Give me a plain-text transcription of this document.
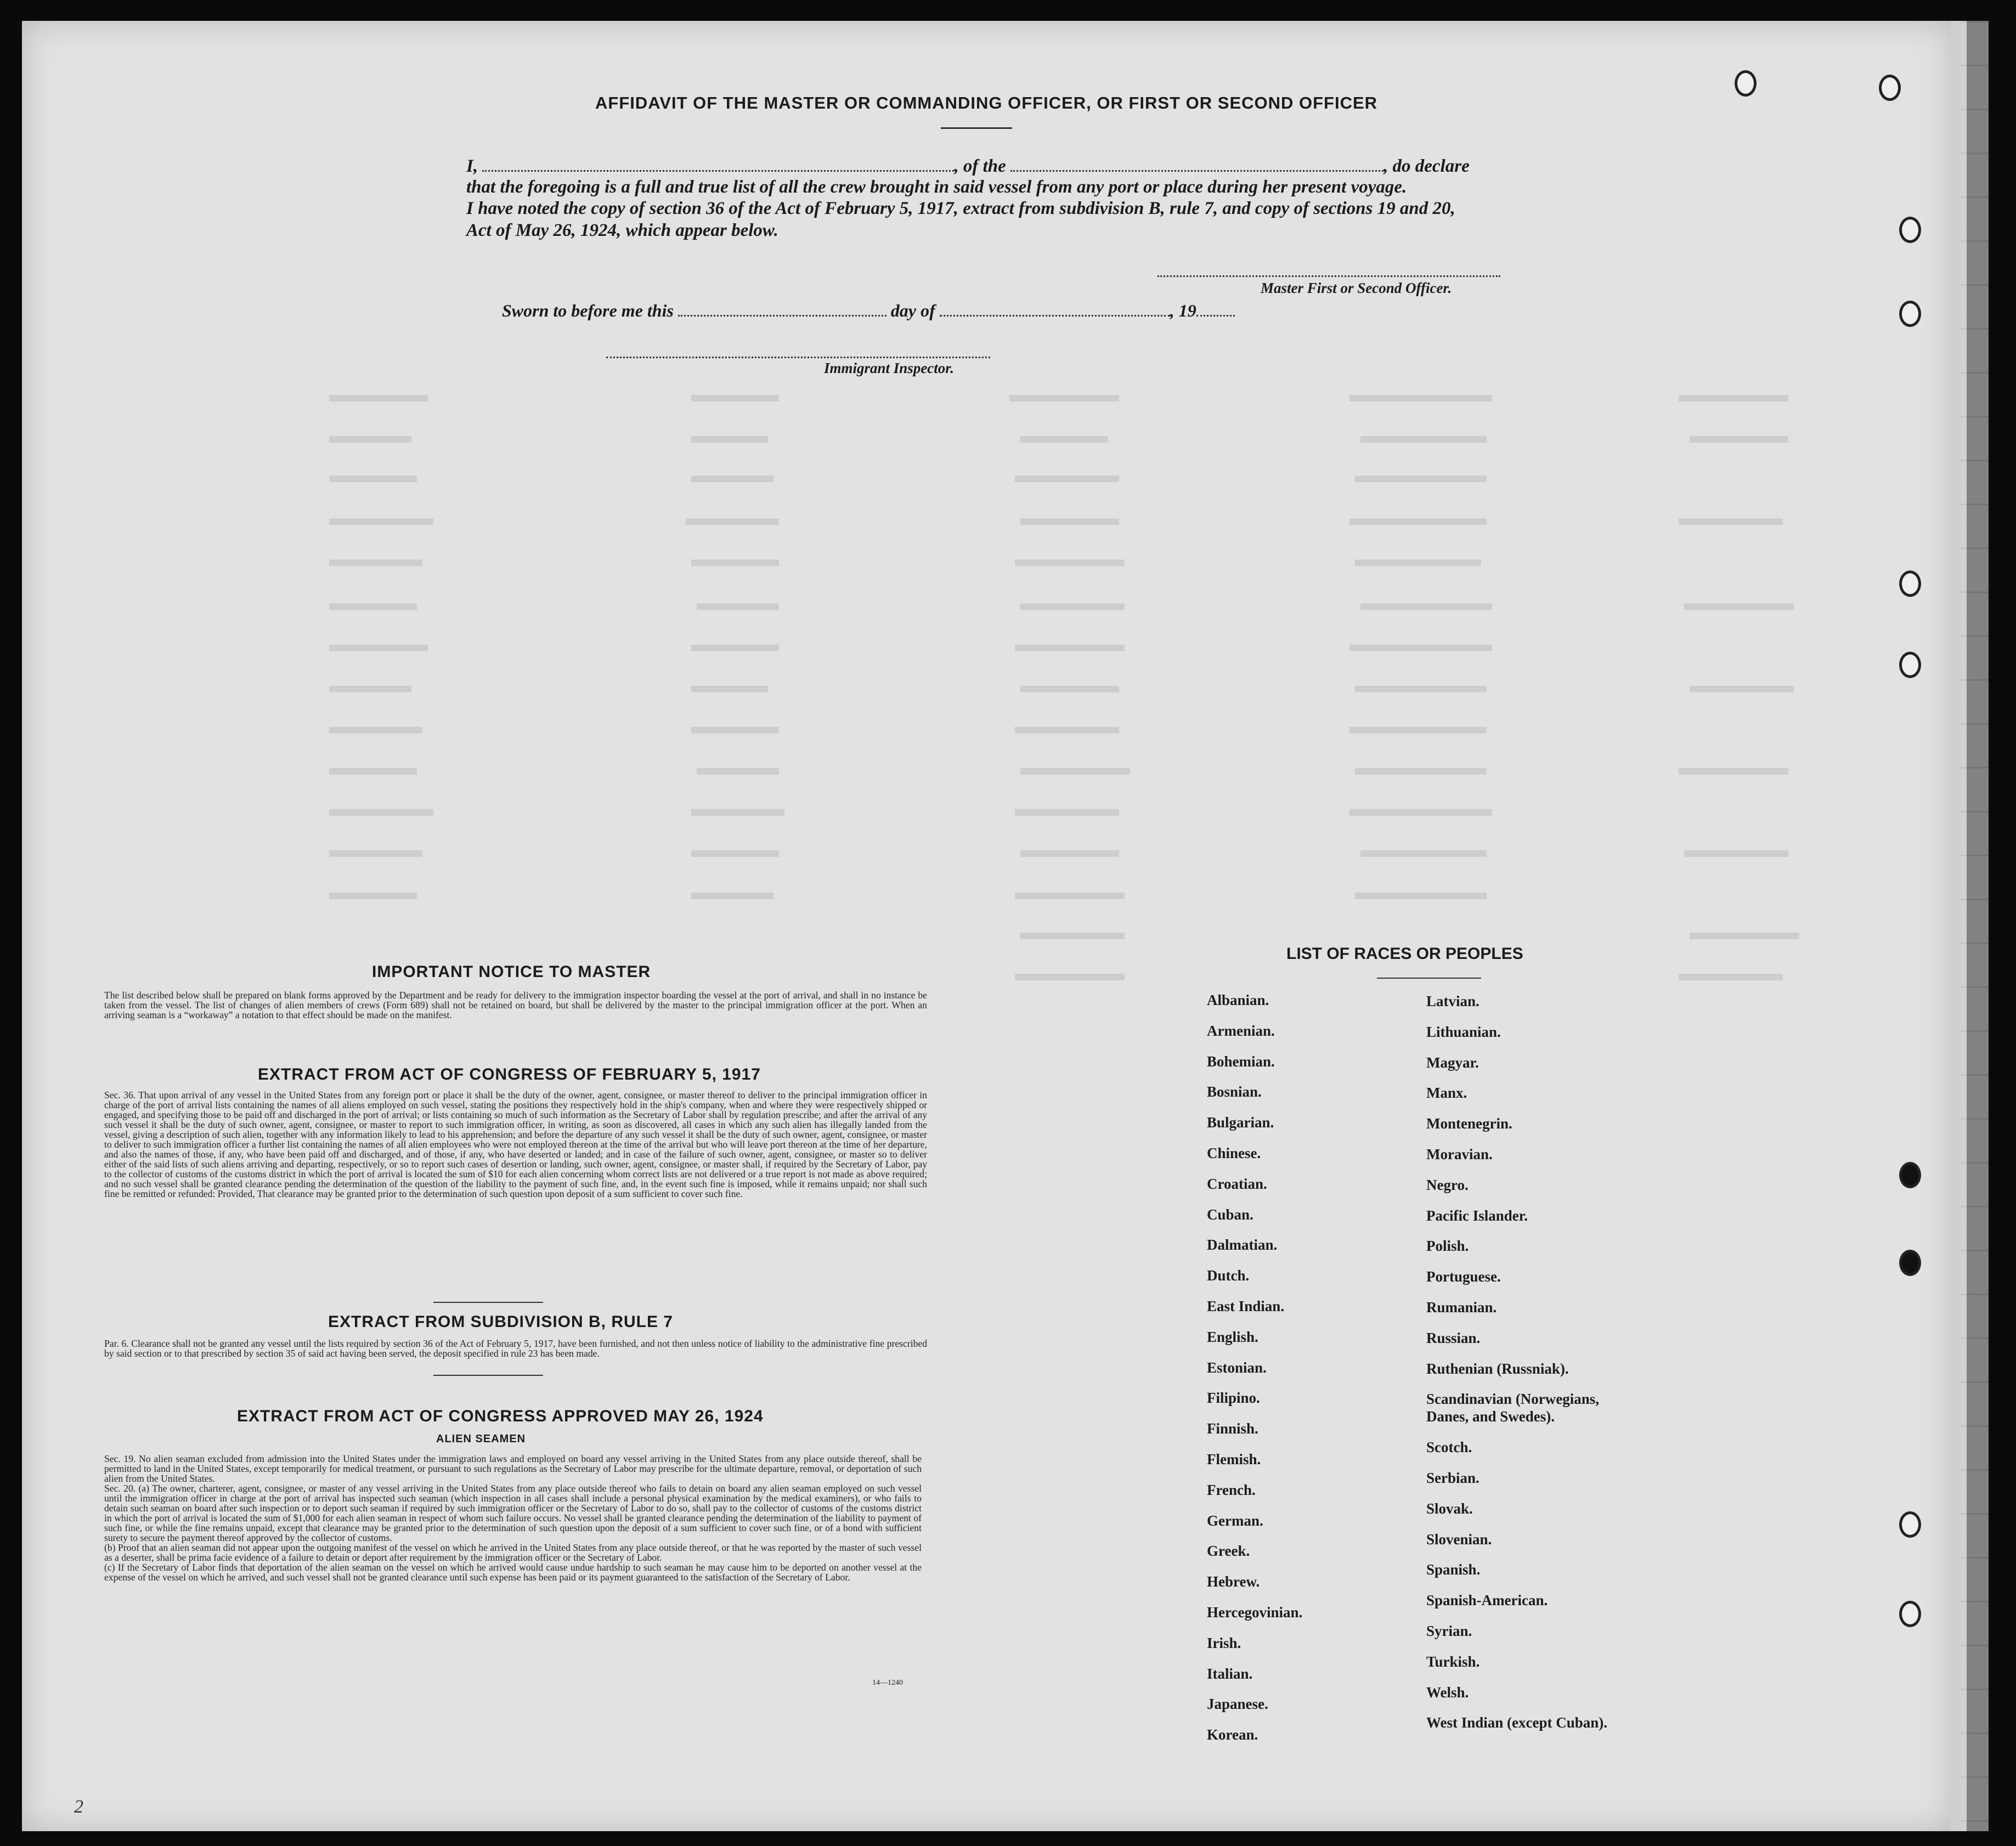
AFFIDAVIT OF THE MASTER OR COMMANDING OFFICER, OR FIRST OR SECOND OFFICER
I,	, of the	, do declare
that the foregoing is a full and true list of all the crew brought in said vessel from any port or place during her present voyage.
I have noted the copy of section 36 of the Act of February 5, 1917, extract from subdivision B, rule 7, and copy of sections 19 and 20,
Act of May 26, 1924, which appear below.
Master First or Second Officer.
Sworn to before me this	day of	, 19
Immigrant Inspector.
IMPORTANT NOTICE TO MASTER
The list described below shall be prepared on blank forms approved by the Department and be ready for delivery to the immigration inspector boarding the vessel at the port of arrival, and shall in no instance be taken from the vessel. The list of changes of alien members of crews (Form 689) shall not be retained on board, but shall be delivered by the master to the principal immigration officer at the port. When an arriving seaman is a “workaway” a notation to that effect should be made on the manifest.
EXTRACT FROM ACT OF CONGRESS OF FEBRUARY 5, 1917
Sec. 36. That upon arrival of any vessel in the United States from any foreign port or place it shall be the duty of the owner, agent, consignee, or master thereof to deliver to the principal immigration officer in charge of the port of arrival lists containing the names of all aliens employed on such vessel, stating the positions they respectively hold in the ship's company, when and where they were respectively shipped or engaged, and specifying those to be paid off and discharged in the port of arrival; or lists containing so much of such information as the Secretary of Labor shall by regulation prescribe; and after the arrival of any such vessel it shall be the duty of such owner, agent, consignee, or master to report to such immigration officer, in writing, as soon as discovered, all cases in which any such alien has illegally landed from the vessel, giving a description of such alien, together with any information likely to lead to his apprehension; and before the departure of any such vessel it shall be the duty of such owner, agent, consignee, or master to deliver to such immigration officer a further list containing the names of all alien employees who were not employed thereon at the time of the arrival but who will leave port thereon at the time of her departure, and also the names of those, if any, who have been paid off and discharged, and of those, if any, who have deserted or landed; and in case of the failure of such owner, agent, consignee, or master so to deliver either of the said lists of such aliens arriving and departing, respectively, or so to report such cases of desertion or landing, such owner, agent, consignee, or master shall, if required by the Secretary of Labor, pay to the collector of customs of the customs district in which the port of arrival is located the sum of $10 for each alien concerning whom correct lists are not delivered or a true report is not made as above required; and no such vessel shall be granted clearance pending the determination of the question of the liability to the payment of such fine, and, in the event such fine is imposed, while it remains unpaid; nor shall such fine be remitted or refunded: Provided, That clearance may be granted prior to the determination of such question upon deposit of a sum sufficient to cover such fine.
EXTRACT FROM SUBDIVISION B, RULE 7
Par. 6. Clearance shall not be granted any vessel until the lists required by section 36 of the Act of February 5, 1917, have been furnished, and not then unless notice of liability to the administrative fine prescribed by said section or to that prescribed by section 35 of said act having been served, the deposit specified in rule 23 has been made.
EXTRACT FROM ACT OF CONGRESS APPROVED MAY 26, 1924
ALIEN SEAMEN

Sec. 19. No alien seaman excluded from admission into the United States under the immigration laws and employed on board any vessel arriving in the United States from any place outside thereof, shall be permitted to land in the United States, except temporarily for medical treatment, or pursuant to such regulations as the Secretary of Labor may prescribe for the ultimate departure, removal, or deportation of such alien from the United States.

Sec. 20. (a) The owner, charterer, agent, consignee, or master of any vessel arriving in the United States from any place outside thereof who fails to detain on board any alien seaman employed on such vessel until the immigration officer in charge at the port of arrival has inspected such seaman (which inspection in all cases shall include a personal physical examination by the medical examiners), or who fails to detain such seaman on board after such inspection or to deport such seaman if required by such immigration officer or the Secretary of Labor to do so, shall pay to the collector of customs of the customs district in which the port of arrival is located the sum of $1,000 for each alien seaman in respect of whom such failure occurs. No vessel shall be granted clearance pending the determination of the liability to payment of such fine, or while the fine remains unpaid, except that clearance may be granted prior to the determination of such question upon the deposit of a sum sufficient to cover such fine, or of a bond with sufficient surety to secure the payment thereof approved by the collector of customs.

(b) Proof that an alien seaman did not appear upon the outgoing manifest of the vessel on which he arrived in the United States from any place outside thereof, or that he was reported by the master of such vessel as a deserter, shall be prima facie evidence of a failure to detain or deport after requirement by the immigration officer or the Secretary of Labor.

(c) If the Secretary of Labor finds that deportation of the alien seaman on the vessel on which he arrived would cause undue hardship to such seaman he may cause him to be deported on another vessel at the expense of the vessel on which he arrived, and such vessel shall not be granted clearance until such expense has been paid or its payment guaranteed to the satisfaction of the Secretary of Labor.

14—1240
2
LIST OF RACES OR PEOPLES
Albanian.
Armenian.
Bohemian.
Bosnian.
Bulgarian.
Chinese.
Croatian.
Cuban.
Dalmatian.
Dutch.
East Indian.
English.
Estonian.
Filipino.
Finnish.
Flemish.
French.
German.
Greek.
Hebrew.
Hercegovinian.
Irish.
Italian.
Japanese.
Korean.
Latvian.
Lithuanian.
Magyar.
Manx.
Montenegrin.
Moravian.
Negro.
Pacific Islander.
Polish.
Portuguese.
Rumanian.
Russian.
Ruthenian (Russniak).
Scandinavian (Norwegians,
Danes, and Swedes).
Scotch.
Serbian.
Slovak.
Slovenian.
Spanish.
Spanish-American.
Syrian.
Turkish.
Welsh.
West Indian (except Cuban).
